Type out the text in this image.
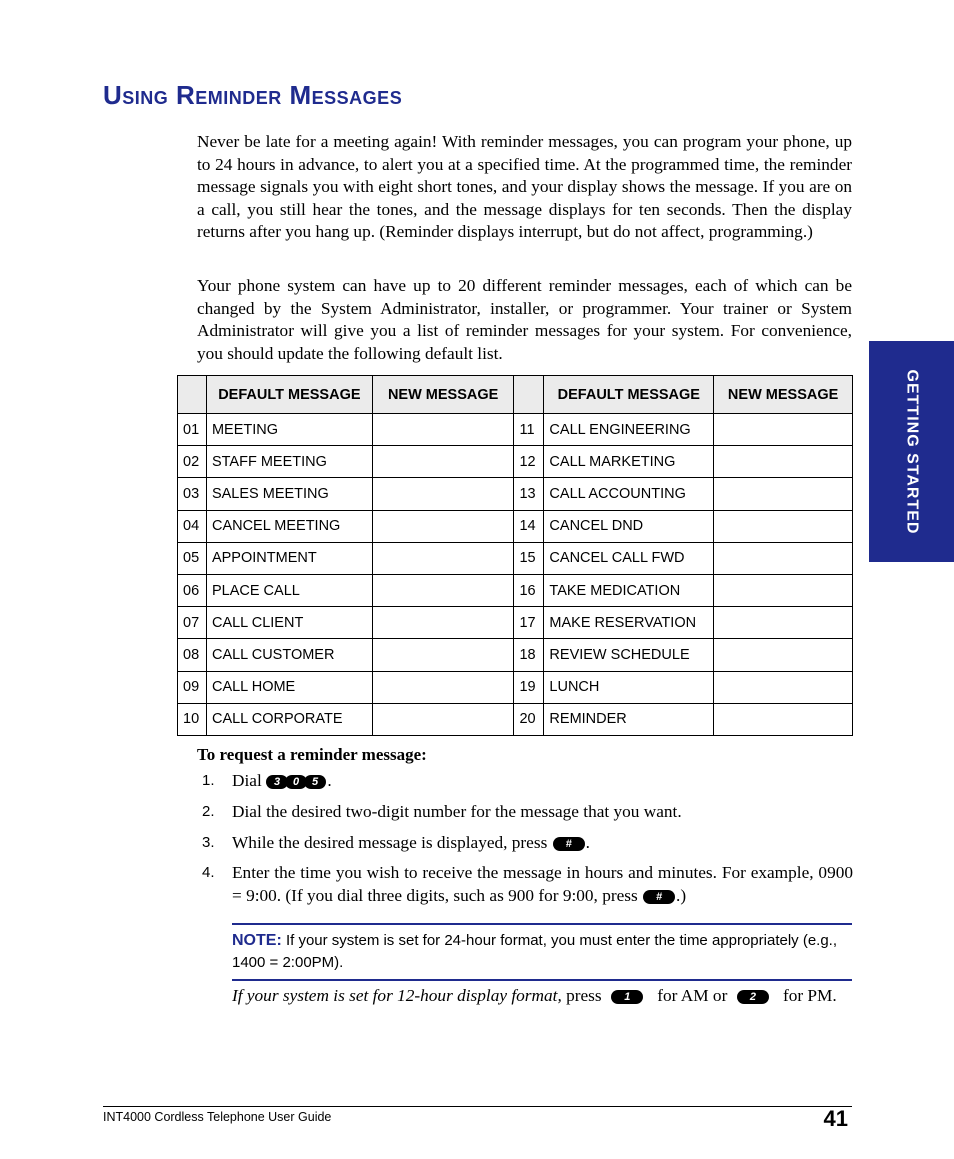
Using Reminder Messages
GETTING STARTED

Never be late for a meeting again! With reminder messages, you can program your phone, up to 24 hours in advance, to alert you at a specified time. At the programmed time, the reminder message signals you with eight short tones, and your display shows the message. If you are on a call, you still hear the tones, and the message displays for ten seconds. Then the display returns after you hang up. (Reminder displays interrupt, but do not affect, programming.)

Your phone system can have up to 20 different reminder messages, each of which can be changed by the System Administrator, installer, or programmer. Your trainer or System Administrator will give you a list of reminder messages for your system. For convenience, you should update the following default list.

	DEFAULT MESSAGE	NEW MESSAGE		DEFAULT MESSAGE	NEW MESSAGE
01	MEETING		11	CALL ENGINEERING	
02	STAFF MEETING		12	CALL MARKETING	
03	SALES MEETING		13	CALL ACCOUNTING	
04	CANCEL MEETING		14	CANCEL DND	
05	APPOINTMENT		15	CANCEL CALL FWD	
06	PLACE CALL		16	TAKE MEDICATION	
07	CALL CLIENT		17	MAKE RESERVATION	
08	CALL CUSTOMER		18	REVIEW SCHEDULE	
09	CALL HOME		19	LUNCH	
10	CALL CORPORATE		20	REMINDER	

To request a reminder message:

1. Dial 3 0 5 .
2. Dial the desired two-digit number for the message that you want.
3. While the desired message is displayed, press # .
4. Enter the time you wish to receive the message in hours and minutes. For example, 0900 = 9:00. (If you dial three digits, such as 900 for 9:00, press # .)
NOTE: If your system is set for 24-hour format, you must enter the time appropriately (e.g., 1400 = 2:00PM).

If your system is set for 12-hour display format, press 1 for AM or 2 for PM.

INT4000 Cordless Telephone User Guide	41
